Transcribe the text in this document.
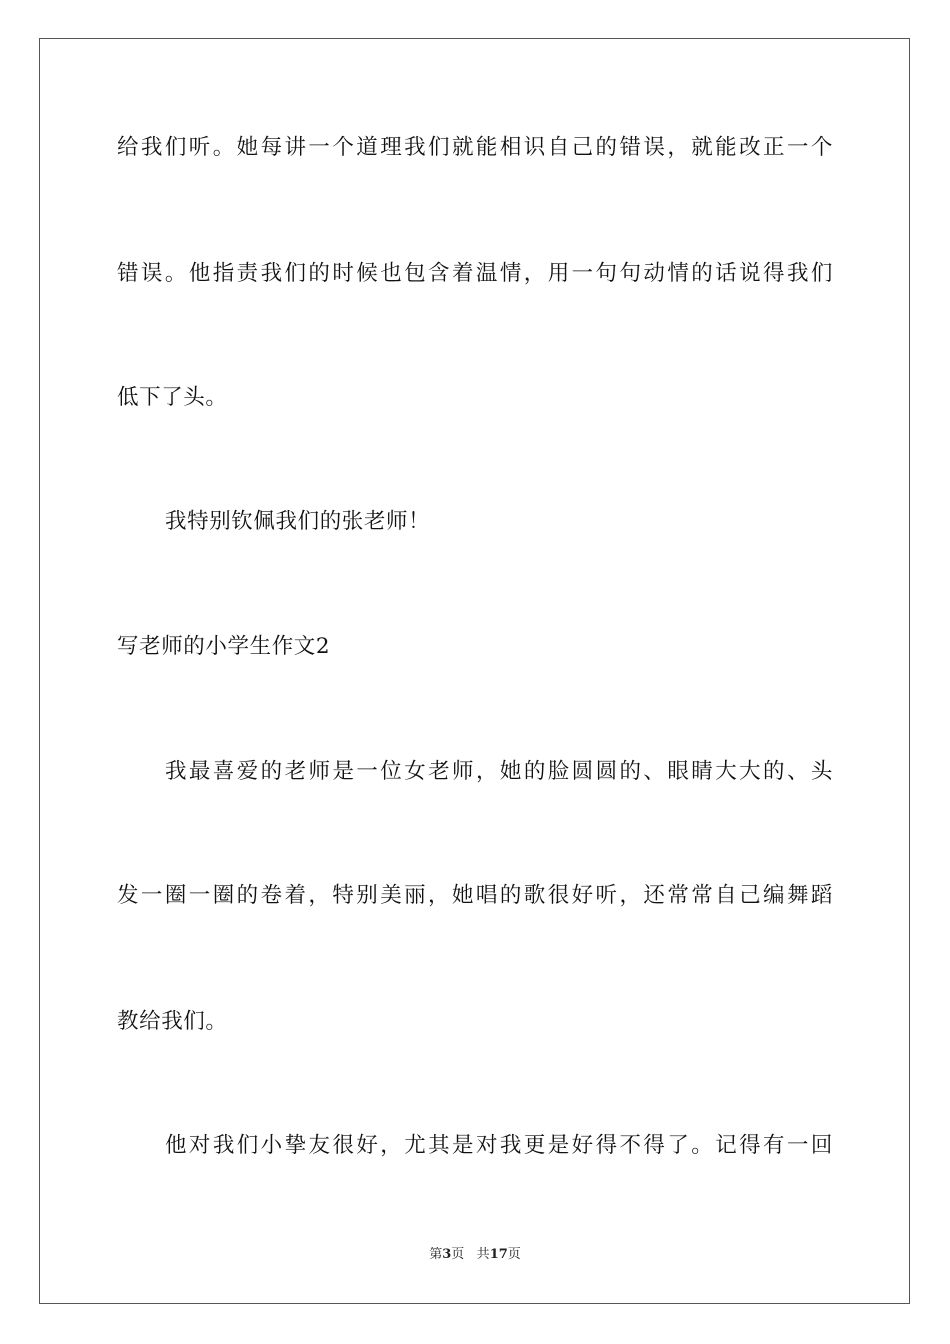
给我们听。她每讲一个道理我们就能相识自己的错误，就能改正一个
错误。他指责我们的时候也包含着温情，用一句句动情的话说得我们
低下了头。
我特别钦佩我们的张老师！
写老师的小学生作文2
我最喜爱的老师是一位女老师，她的脸圆圆的、眼睛大大的、头
发一圈一圈的卷着，特别美丽，她唱的歌很好听，还常常自己编舞蹈
教给我们。
他对我们小挚友很好，尤其是对我更是好得不得了。记得有一回
第3页 共17页
